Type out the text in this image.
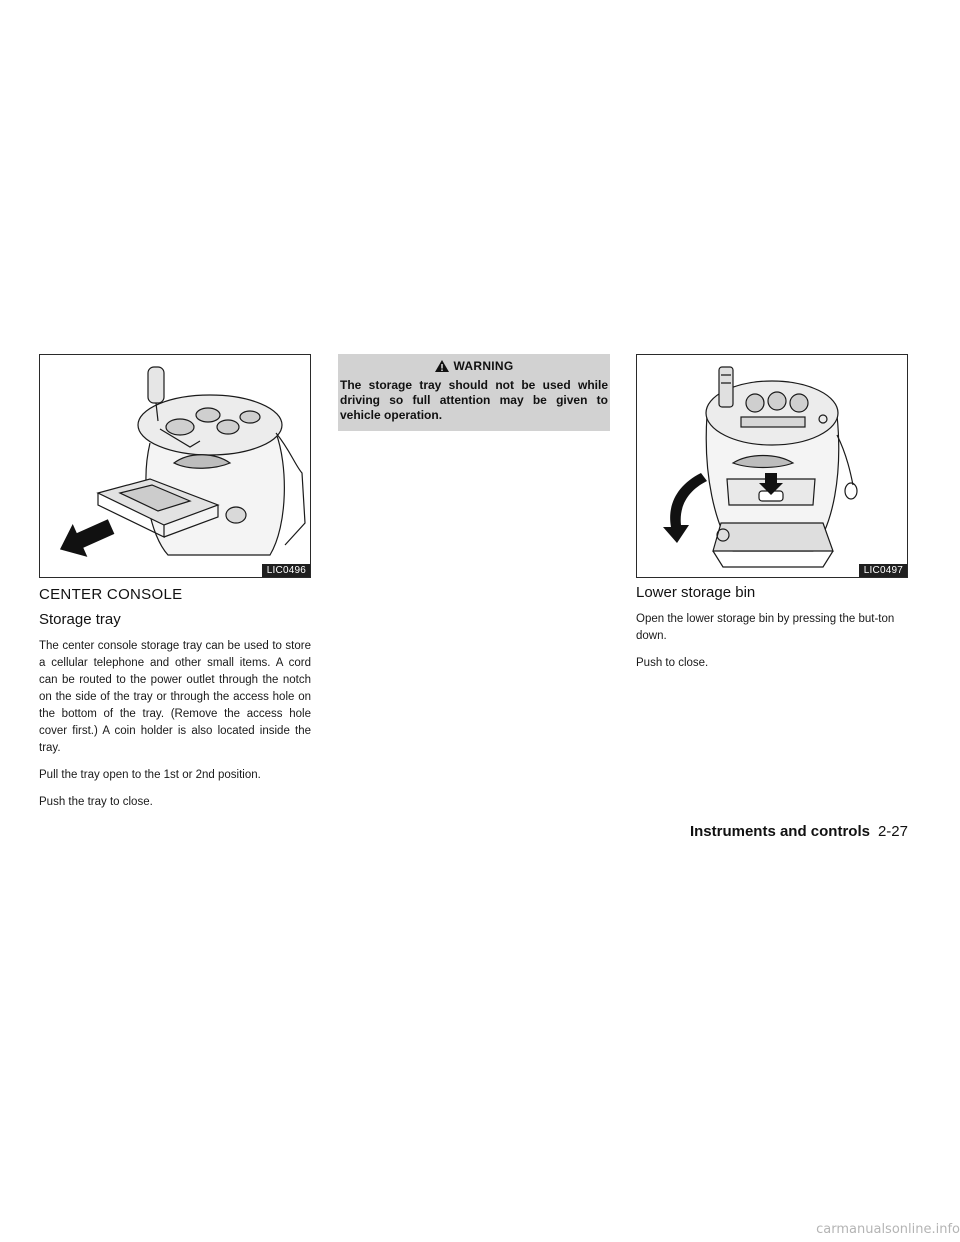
LIC0496
CENTER CONSOLE
Storage tray

The center console storage tray can be used to store a cellular telephone and other small items. A cord can be routed to the power outlet through the notch on the side of the tray or through the access hole on the bottom of the tray. (Remove the access hole cover first.) A coin holder is also located inside the tray.

Pull the tray open to the 1st or 2nd position.

Push the tray to close.

WARNING
The storage tray should not be used while driving so full attention may be given to vehicle operation.
LIC0497
Lower storage bin

Open the lower storage bin by pressing the but-ton down.

Push to close.

Instruments and controls 2-27
carmanualsonline.info
